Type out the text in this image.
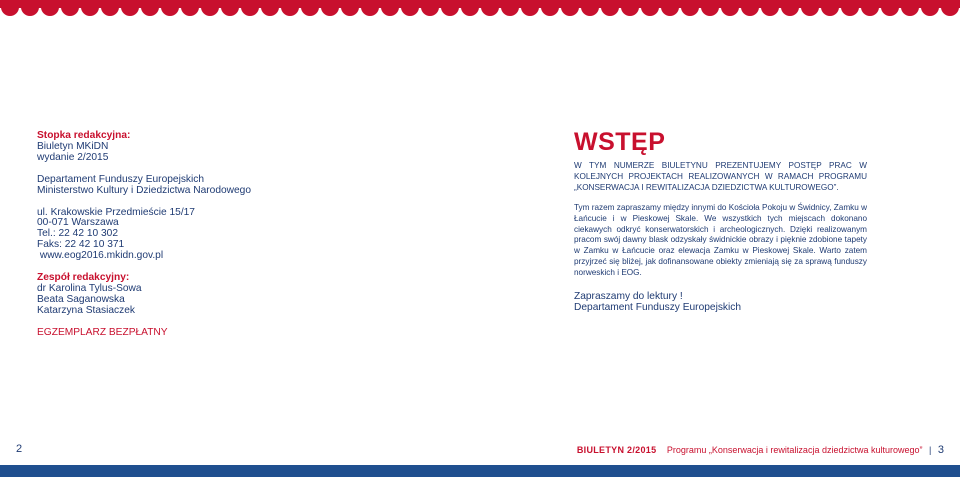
Stopka redakcyjna:

Biuletyn MKiDN

wydanie 2/2015

Departament Funduszy Europejskich

Ministerstwo Kultury i Dziedzictwa Narodowego

ul. Krakowskie Przedmieście 15/17

00-071 Warszawa

Tel.: 22 42 10 302

Faks: 22 42 10 371

www.eog2016.mkidn.gov.pl

Zespół redakcyjny:

dr Karolina Tylus-Sowa

Beata Saganowska

Katarzyna Stasiaczek

EGZEMPLARZ BEZPŁATNY

WSTĘP

W TYM NUMERZE BIULETYNU PREZENTUJEMY POSTĘP PRAC W KOLEJNYCH PROJEKTACH REALIZOWANYCH W RAMACH PROGRAMU „KONSERWACJA I REWITALIZACJA DZIEDZICTWA KULTUROWEGO”.

Tym razem zapraszamy między innymi do Kościoła Pokoju w Świdnicy, Zamku w Łańcucie i w Pieskowej Skale. We wszystkich tych miejscach dokonano ciekawych odkryć konserwatorskich i archeologicznych. Dzięki realizowanym pracom swój dawny blask odzyskały świdnickie obrazy i pięknie zdobione tapety w Zamku w Łańcucie oraz elewacja Zamku w Pieskowej Skale. Warto zatem przyjrzeć się bliżej, jak dofinansowane obiekty zmieniają się za sprawą funduszy norweskich i EOG.

Zapraszamy do lektury !

Departament Funduszy Europejskich

2	BIULETYN 2/2015 Programu „Konserwacja i rewitalizacja dziedzictwa kulturowego” | 3
